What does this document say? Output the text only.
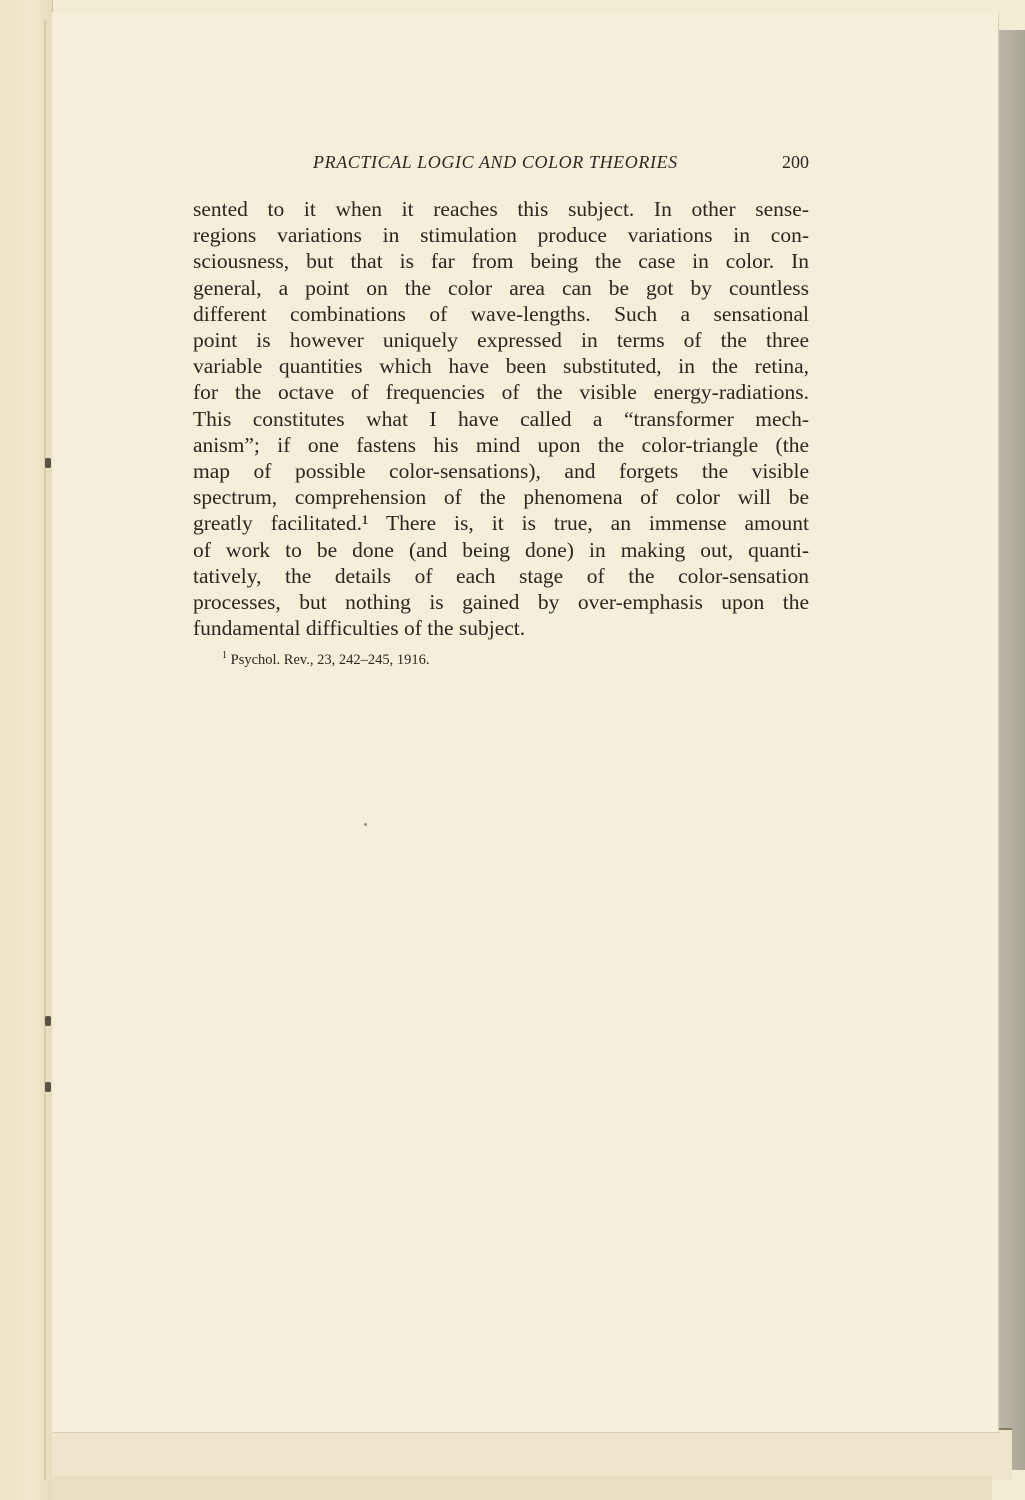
PRACTICAL LOGIC AND COLOR THEORIES	200
sented to it when it reaches this subject. In other sense-
regions variations in stimulation produce variations in con-
sciousness, but that is far from being the case in color. In
general, a point on the color area can be got by countless
different combinations of wave-lengths. Such a sensational
point is however uniquely expressed in terms of the three
variable quantities which have been substituted, in the retina,
for the octave of frequencies of the visible energy-radiations.
This constitutes what I have called a “transformer mech-
anism”; if one fastens his mind upon the color-triangle (the
map of possible color-sensations), and forgets the visible
spectrum, comprehension of the phenomena of color will be
greatly facilitated.¹ There is, it is true, an immense amount
of work to be done (and being done) in making out, quanti-
tatively, the details of each stage of the color-sensation
processes, but nothing is gained by over-emphasis upon the
fundamental difficulties of the subject.
$^1$ Psychol. Rev., 23, 242–245, 1916.
